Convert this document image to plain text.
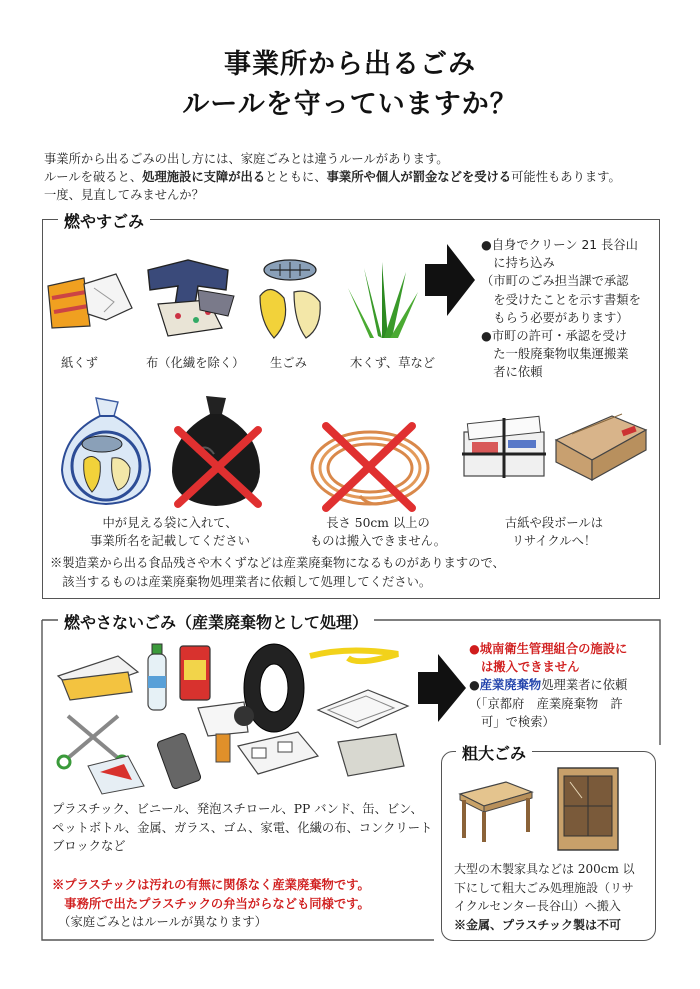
事業所から出るごみ
ルールを守っていますか？
事業所から出るごみの出し方には、家庭ごみとは違うルールがあります。
ルールを破ると、処理施設に支障が出るとともに、事業所や個人が罰金などを受ける可能性もあります。
一度、見直してみませんか？
燃やすごみ
紙くず	布（化繊を除く） 生ごみ	木くず、草など
●自身でクリーン 21 長谷山
　に持ち込み
（市町のごみ担当課で承認
　を受けたことを示す書類を
　もらう必要があります）
●市町の許可・承認を受け
　た一般廃棄物収集運搬業
　者に依頼
中が見える袋に入れて、
事業所名を記載してください
長さ 50cm 以上の
ものは搬入できません。
古紙や段ボールは
リサイクルへ！
※製造業から出る食品残さや木くずなどは産業廃棄物になるものがありますので、
　該当するものは産業廃棄物処理業者に依頼して処理してください。
燃やさないごみ（産業廃棄物として処理）
●城南衛生管理組合の施設に
は搬入できません
●産業廃棄物処理業者に依頼
（「京都府　産業廃棄物　許
可」で検索）
プラスチック、ビニール、発泡スチロール、PP バンド、缶、ビン、
ペットボトル、金属、ガラス、ゴム、家電、化繊の布、コンクリート
ブロックなど
※プラスチックは汚れの有無に関係なく産業廃棄物です。
　事務所で出たプラスチックの弁当がらなども同様です。
　（家庭ごみとはルールが異なります）
粗大ごみ
大型の木製家具などは 200cm 以
下にして粗大ごみ処理施設（リサ
イクルセンター長谷山）へ搬入
※金属、プラスチック製は不可
